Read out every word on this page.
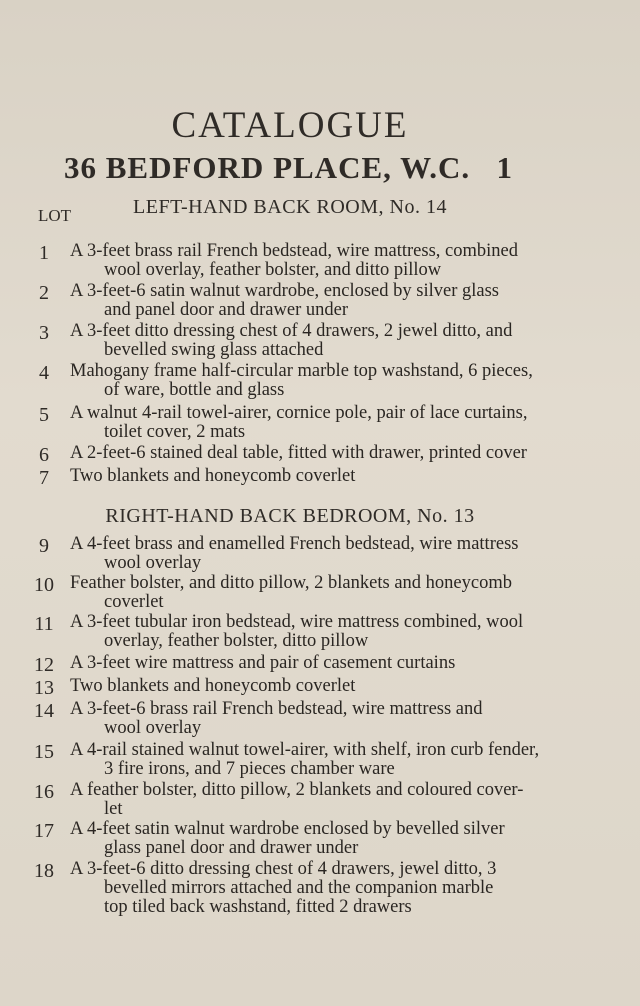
CATALOGUE
36 BEDFORD PLACE, W.C. 1
LEFT-HAND BACK ROOM, No. 14
LOT
1	A 3-feet brass rail French bedstead, wire mattress, combined
wool overlay, feather bolster, and ditto pillow
2	A 3-feet-6 satin walnut wardrobe, enclosed by silver glass
and panel door and drawer under
3	A 3-feet ditto dressing chest of 4 drawers, 2 jewel ditto, and
bevelled swing glass attached
4	Mahogany frame half-circular marble top washstand, 6 pieces,
of ware, bottle and glass
5	A walnut 4-rail towel-airer, cornice pole, pair of lace curtains,
toilet cover, 2 mats
6	A 2-feet-6 stained deal table, fitted with drawer, printed cover
7	Two blankets and honeycomb coverlet
RIGHT-HAND BACK BEDROOM, No. 13
9	A 4-feet brass and enamelled French bedstead, wire mattress
wool overlay
10 Feather bolster, and ditto pillow, 2 blankets and honeycomb
coverlet
11 A 3-feet tubular iron bedstead, wire mattress combined, wool
overlay, feather bolster, ditto pillow
12 A 3-feet wire mattress and pair of casement curtains
13 Two blankets and honeycomb coverlet
14 A 3-feet-6 brass rail French bedstead, wire mattress and
wool overlay
15 A 4-rail stained walnut towel-airer, with shelf, iron curb fender,
3 fire irons, and 7 pieces chamber ware
16 A feather bolster, ditto pillow, 2 blankets and coloured cover-
let
17 A 4-feet satin walnut wardrobe enclosed by bevelled silver
glass panel door and drawer under
18 A 3-feet-6 ditto dressing chest of 4 drawers, jewel ditto, 3
bevelled mirrors attached and the companion marble
top tiled back washstand, fitted 2 drawers
